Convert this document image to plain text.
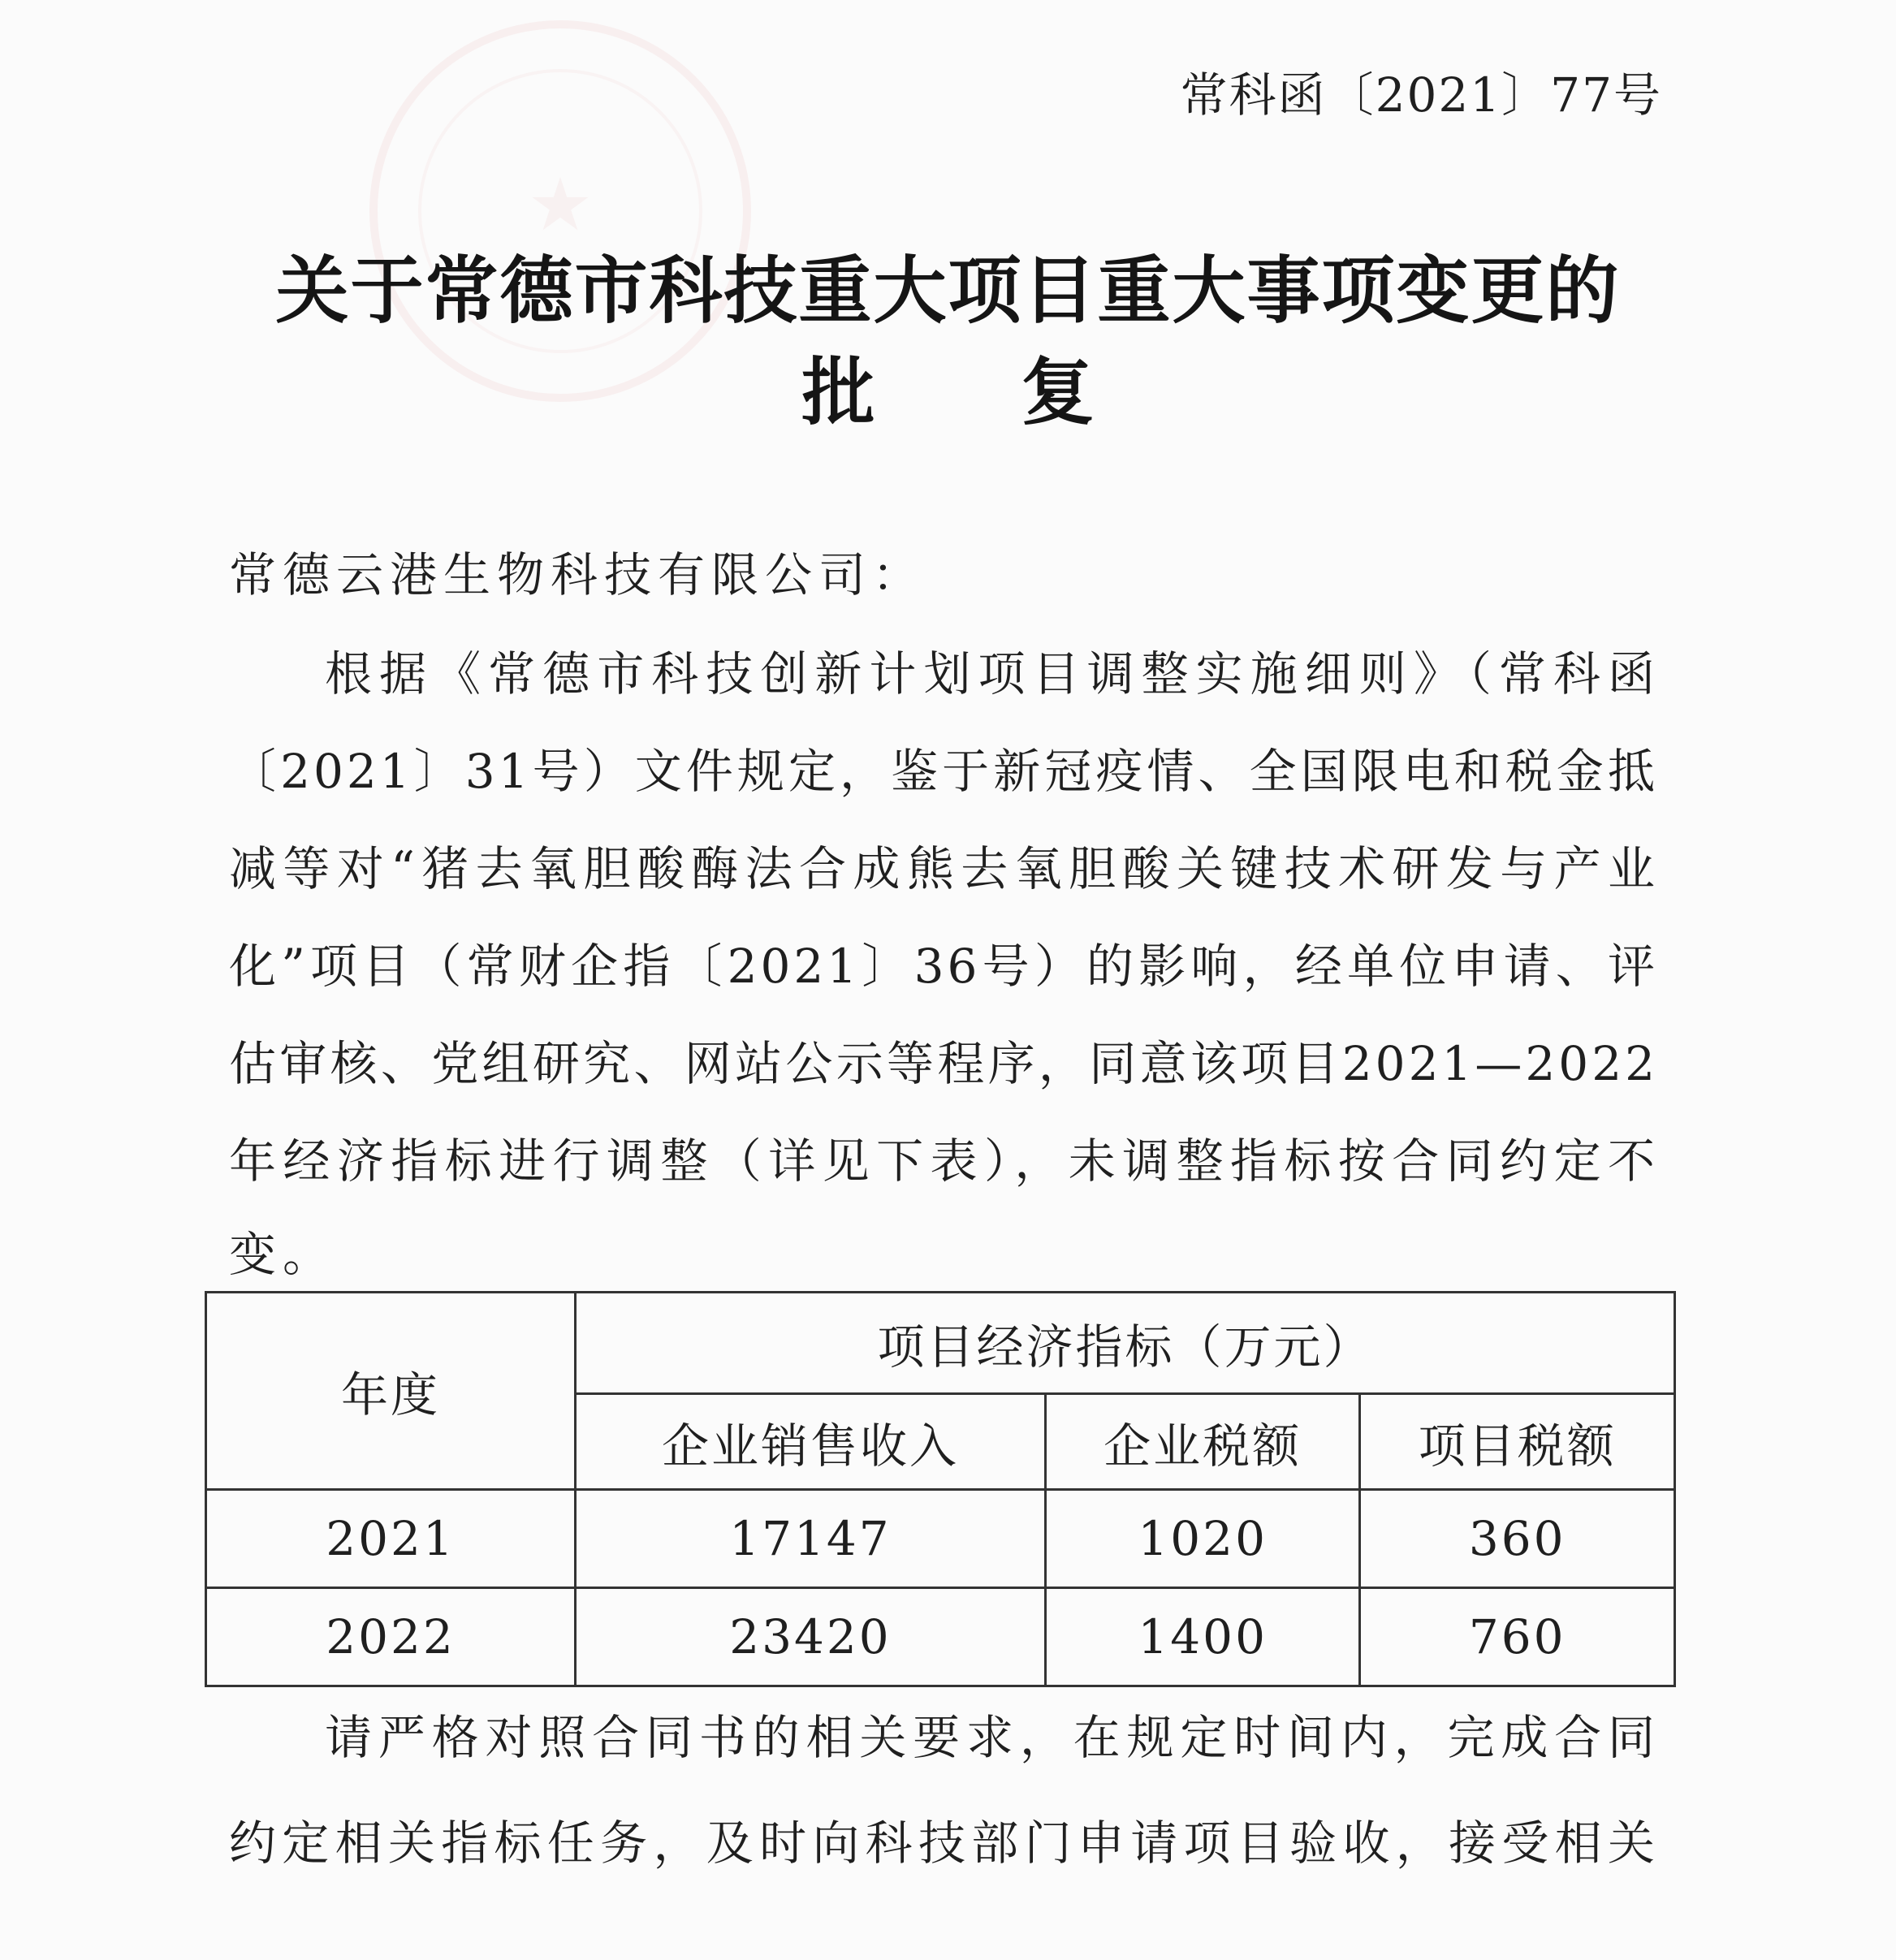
★
常科函〔2021〕77号
关于常德市科技重大项目重大事项变更的
批复
常德云港生物科技有限公司：
根据《常德市科技创新计划项目调整实施细则》（常科函
〔2021〕31号）文件规定，鉴于新冠疫情、全国限电和税金抵
减等对“猪去氧胆酸酶法合成熊去氧胆酸关键技术研发与产业
化”项目（常财企指〔2021〕36号）的影响，经单位申请、评
估审核、党组研究、网站公示等程序，同意该项目2021—2022
年经济指标进行调整（详见下表），未调整指标按合同约定不
变。
年度	项目经济指标（万元）		
	企业销售收入	企业税额	项目税额
2021	17147	1020	360
2022	23420	1400	760
请严格对照合同书的相关要求，在规定时间内，完成合同
约定相关指标任务，及时向科技部门申请项目验收，接受相关
